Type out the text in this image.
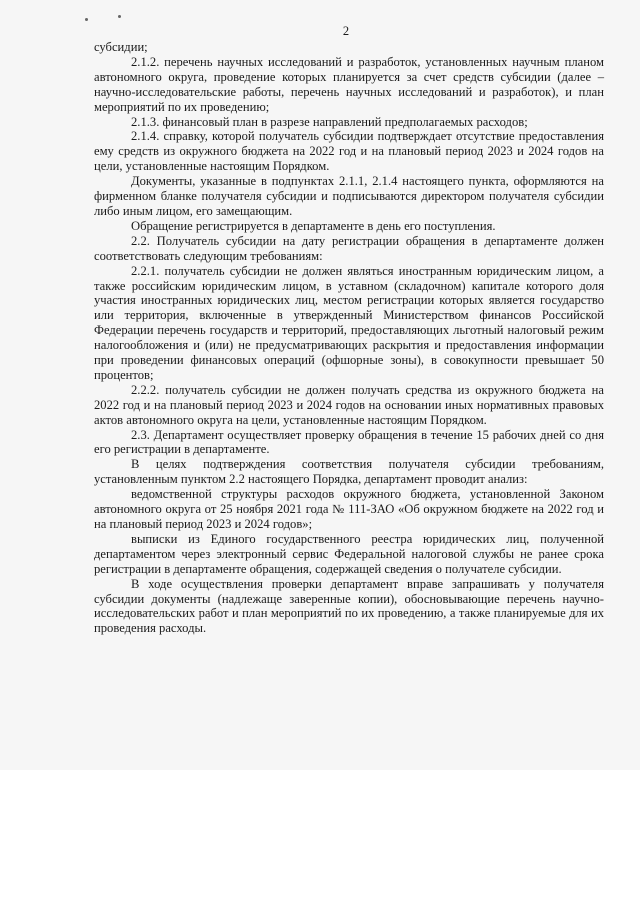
2

субсидии;

2.1.2. перечень научных исследований и разработок, установленных научным планом автономного округа, проведение которых планируется за счет средств субсидии (далее – научно-исследовательские работы, перечень научных исследований и разработок), и план мероприятий по их проведению;

2.1.3. финансовый план в разрезе направлений предполагаемых расходов;

2.1.4. справку, которой получатель субсидии подтверждает отсутствие предоставления ему средств из окружного бюджета на 2022 год и на плановый период 2023 и 2024 годов на цели, установленные настоящим Порядком.

Документы, указанные в подпунктах 2.1.1, 2.1.4 настоящего пункта, оформляются на фирменном бланке получателя субсидии и подписываются директором получателя субсидии либо иным лицом, его замещающим.

Обращение регистрируется в департаменте в день его поступления.

2.2. Получатель субсидии на дату регистрации обращения в департаменте должен соответствовать следующим требованиям:

2.2.1. получатель субсидии не должен являться иностранным юридическим лицом, а также российским юридическим лицом, в уставном (складочном) капитале которого доля участия иностранных юридических лиц, местом регистрации которых является государство или территория, включенные в утвержденный Министерством финансов Российской Федерации перечень государств и территорий, предоставляющих льготный налоговый режим налогообложения и (или) не предусматривающих раскрытия и предоставления информации при проведении финансовых операций (офшорные зоны), в совокупности превышает 50 процентов;

2.2.2. получатель субсидии не должен получать средства из окружного бюджета на 2022 год и на плановый период 2023 и 2024 годов на основании иных нормативных правовых актов автономного округа на цели, установленные настоящим Порядком.

2.3. Департамент осуществляет проверку обращения в течение 15 рабочих дней со дня его регистрации в департаменте.

В целях подтверждения соответствия получателя субсидии требованиям, установленным пунктом 2.2 настоящего Порядка, департамент проводит анализ:

ведомственной структуры расходов окружного бюджета, установленной Законом автономного округа от 25 ноября 2021 года № 111-ЗАО «Об окружном бюджете на 2022 год и на плановый период 2023 и 2024 годов»;

выписки из Единого государственного реестра юридических лиц, полученной департаментом через электронный сервис Федеральной налоговой службы не ранее срока регистрации в департаменте обращения, содержащей сведения о получателе субсидии.

В ходе осуществления проверки департамент вправе запрашивать у получателя субсидии документы (надлежаще заверенные копии), обосновывающие перечень научно-исследовательских работ и план мероприятий по их проведению, а также планируемые для их проведения расходы.
